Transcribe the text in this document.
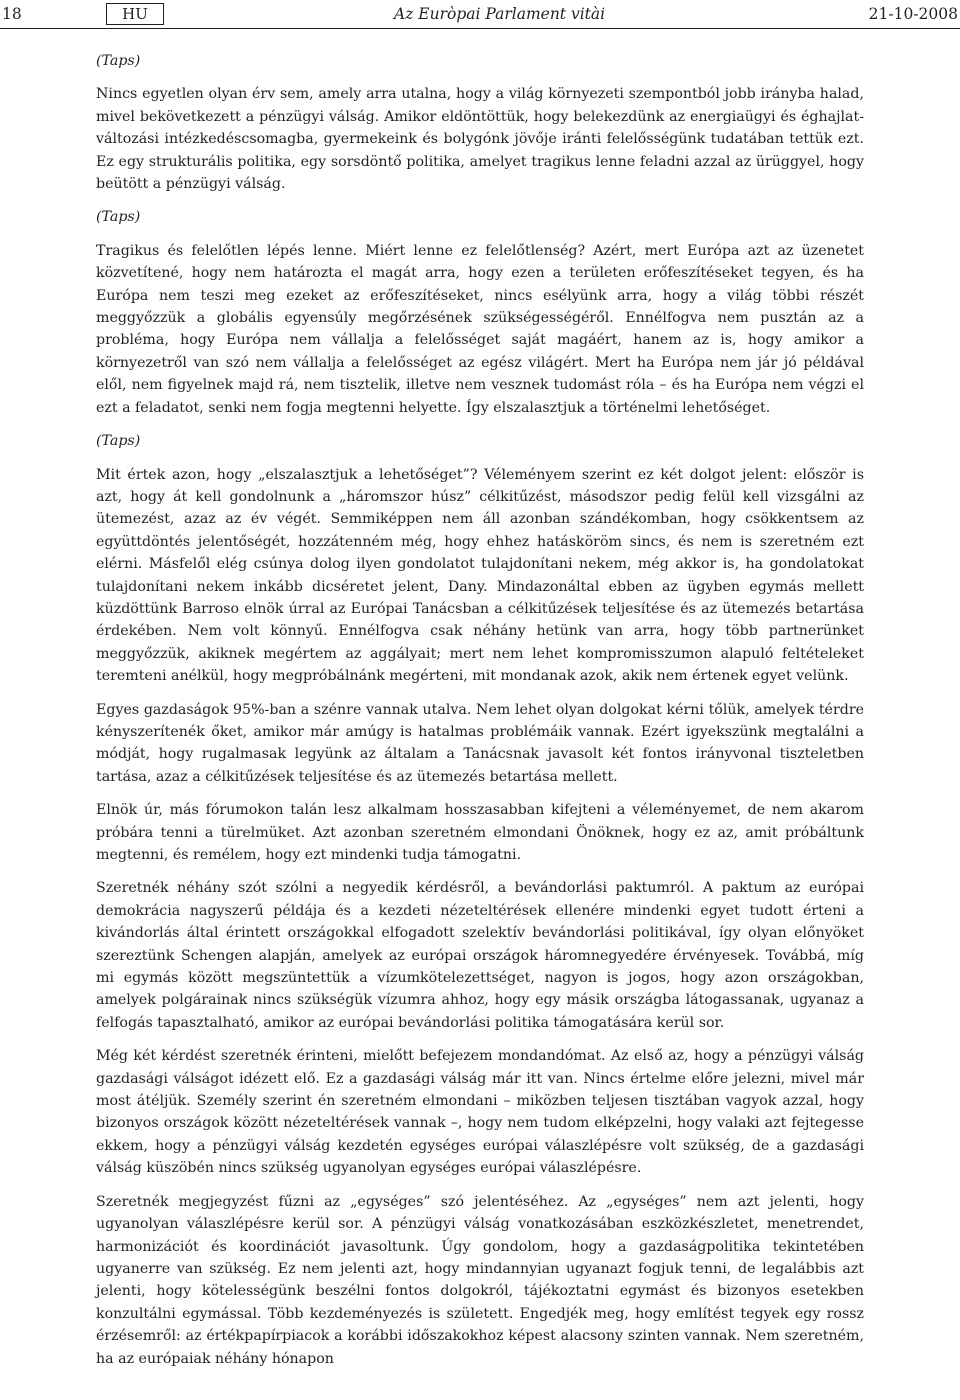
18	HU	Az Euròpai Parlament vitài	21-10-2008

(Taps)

Nincs egyetlen olyan érv sem, amely arra utalna, hogy a világ környezeti szempontból jobb irányba halad, mivel bekövetkezett a pénzügyi válság. Amikor eldöntöttük, hogy belekezdünk az energiaügyi és éghajlat-változási intézkedéscsomagba, gyermekeink és bolygónk jövője iránti felelősségünk tudatában tettük ezt. Ez egy strukturális politika, egy sorsdöntő politika, amelyet tragikus lenne feladni azzal az ürüggyel, hogy beütött a pénzügyi válság.

(Taps)

Tragikus és felelőtlen lépés lenne. Miért lenne ez felelőtlenség? Azért, mert Európa azt az üzenetet közvetítené, hogy nem határozta el magát arra, hogy ezen a területen erőfeszítéseket tegyen, és ha Európa nem teszi meg ezeket az erőfeszítéseket, nincs esélyünk arra, hogy a világ többi részét meggyőzzük a globális egyensúly megőrzésének szükségességéről. Ennélfogva nem pusztán az a probléma, hogy Európa nem vállalja a felelősséget saját magáért, hanem az is, hogy amikor a környezetről van szó nem vállalja a felelősséget az egész világért. Mert ha Európa nem jár jó példával elől, nem figyelnek majd rá, nem tisztelik, illetve nem vesznek tudomást róla – és ha Európa nem végzi el ezt a feladatot, senki nem fogja megtenni helyette. Így elszalasztjuk a történelmi lehetőséget.

(Taps)

Mit értek azon, hogy „elszalasztjuk a lehetőséget”? Véleményem szerint ez két dolgot jelent: először is azt, hogy át kell gondolnunk a „háromszor húsz” célkitűzést, másodszor pedig felül kell vizsgálni az ütemezést, azaz az év végét. Semmiképpen nem áll azonban szándékomban, hogy csökkentsem az együttdöntés jelentőségét, hozzátenném még, hogy ehhez hatásköröm sincs, és nem is szeretném ezt elérni. Másfelől elég csúnya dolog ilyen gondolatot tulajdonítani nekem, még akkor is, ha gondolatokat tulajdonítani nekem inkább dicséretet jelent, Dany. Mindazonáltal ebben az ügyben egymás mellett küzdöttünk Barroso elnök úrral az Európai Tanácsban a célkitűzések teljesítése és az ütemezés betartása érdekében. Nem volt könnyű. Ennélfogva csak néhány hetünk van arra, hogy több partnerünket meggyőzzük, akiknek megértem az aggályait; mert nem lehet kompromisszumon alapuló feltételeket teremteni anélkül, hogy megpróbálnánk megérteni, mit mondanak azok, akik nem értenek egyet velünk.

Egyes gazdaságok 95%-ban a szénre vannak utalva. Nem lehet olyan dolgokat kérni tőlük, amelyek térdre kényszerítenék őket, amikor már amúgy is hatalmas problémáik vannak. Ezért igyekszünk megtalálni a módját, hogy rugalmasak legyünk az általam a Tanácsnak javasolt két fontos irányvonal tiszteletben tartása, azaz a célkitűzések teljesítése és az ütemezés betartása mellett.

Elnök úr, más fórumokon talán lesz alkalmam hosszasabban kifejteni a véleményemet, de nem akarom próbára tenni a türelmüket. Azt azonban szeretném elmondani Önöknek, hogy ez az, amit próbáltunk megtenni, és remélem, hogy ezt mindenki tudja támogatni.

Szeretnék néhány szót szólni a negyedik kérdésről, a bevándorlási paktumról. A paktum az európai demokrácia nagyszerű példája és a kezdeti nézeteltérések ellenére mindenki egyet tudott érteni a kivándorlás által érintett országokkal elfogadott szelektív bevándorlási politikával, így olyan előnyöket szereztünk Schengen alapján, amelyek az európai országok háromnegyedére érvényesek. Továbbá, míg mi egymás között megszüntettük a vízumkötelezettséget, nagyon is jogos, hogy azon országokban, amelyek polgárainak nincs szükségük vízumra ahhoz, hogy egy másik országba látogassanak, ugyanaz a felfogás tapasztalható, amikor az európai bevándorlási politika támogatására kerül sor.

Még két kérdést szeretnék érinteni, mielőtt befejezem mondandómat. Az első az, hogy a pénzügyi válság gazdasági válságot idézett elő. Ez a gazdasági válság már itt van. Nincs értelme előre jelezni, mivel már most átéljük. Személy szerint én szeretném elmondani – miközben teljesen tisztában vagyok azzal, hogy bizonyos országok között nézeteltérések vannak –, hogy nem tudom elképzelni, hogy valaki azt fejtegesse ekkem, hogy a pénzügyi válság kezdetén egységes európai válaszlépésre volt szükség, de a gazdasági válság küszöbén nincs szükség ugyanolyan egységes európai válaszlépésre.

Szeretnék megjegyzést fűzni az „egységes” szó jelentéséhez. Az „egységes” nem azt jelenti, hogy ugyanolyan válaszlépésre kerül sor. A pénzügyi válság vonatkozásában eszközkészletet, menetrendet, harmonizációt és koordinációt javasoltunk. Úgy gondolom, hogy a gazdaságpolitika tekintetében ugyanerre van szükség. Ez nem jelenti azt, hogy mindannyian ugyanazt fogjuk tenni, de legalábbis azt jelenti, hogy kötelességünk beszélni fontos dolgokról, tájékoztatni egymást és bizonyos esetekben konzultálni egymással. Több kezdeményezés is született. Engedjék meg, hogy említést tegyek egy rossz érzésemről: az értékpapírpiacok a korábbi időszakokhoz képest alacsony szinten vannak. Nem szeretném, ha az európaiak néhány hónapon
